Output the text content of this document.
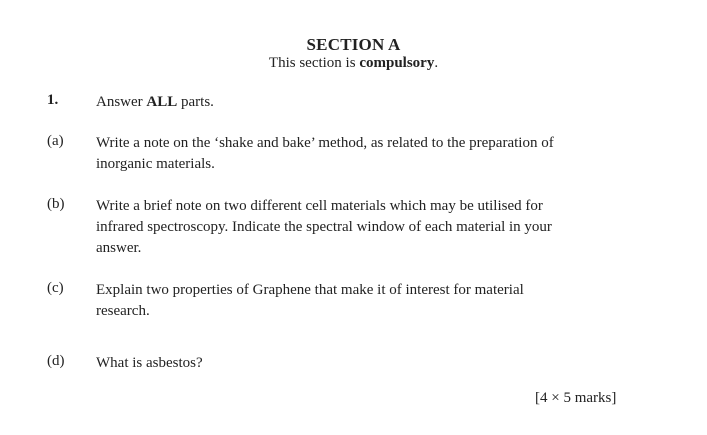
SECTION A
This section is compulsory.
1.	Answer ALL parts.
(a) Write a note on the ‘shake and bake’ method, as related to the preparation of
inorganic materials.
(b) Write a brief note on two different cell materials which may be utilised for
infrared spectroscopy. Indicate the spectral window of each material in your
answer.
(c) Explain two properties of Graphene that make it of interest for material
research.
(d) What is asbestos?
[4 × 5 marks]
